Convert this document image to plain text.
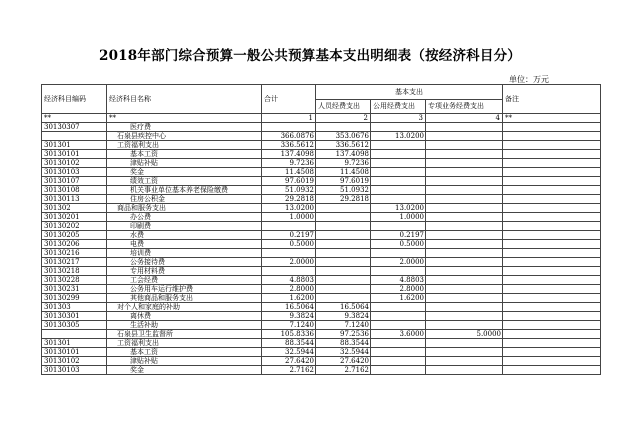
2018年部门综合预算一般公共预算基本支出明细表（按经济科目分）
单位：万元
经济科目编码	经济科目名称	合计	基本支出			备注
			人员经费支出	公用经费支出	专项业务经费支出	
**	**	1	2	3	4	**
30130307	医疗费					
	石泉县疾控中心	366.0876	353.0676	13.0200		
301301	工资福利支出	336.5612	336.5612			
30130101	基本工资	137.4098	137.4098			
30130102	津贴补贴	9.7236	9.7236			
30130103	奖金	11.4508	11.4508			
30130107	绩效工资	97.6019	97.6019			
30130108	机关事业单位基本养老保险缴费	51.0932	51.0932			
30130113	住房公积金	29.2818	29.2818			
301302	商品和服务支出	13.0200		13.0200		
30130201	办公费	1.0000		1.0000		
30130202	印刷费					
30130205	水费	0.2197		0.2197		
30130206	电费	0.5000		0.5000		
30130216	培训费					
30130217	公务接待费	2.0000		2.0000		
30130218	专用材料费					
30130228	工会经费	4.8803		4.8803		
30130231	公务用车运行维护费	2.8000		2.8000		
30130299	其他商品和服务支出	1.6200		1.6200		
301303	对个人和家庭的补助	16.5064	16.5064			
30130301	离休费	9.3824	9.3824			
30130305	生活补助	7.1240	7.1240			
	石泉县卫生监督所	105.8336	97.2536	3.6000	5.0000	
301301	工资福利支出	88.3544	88.3544			
30130101	基本工资	32.5944	32.5944			
30130102	津贴补贴	27.6420	27.6420			
30130103	奖金	2.7162	2.7162			
